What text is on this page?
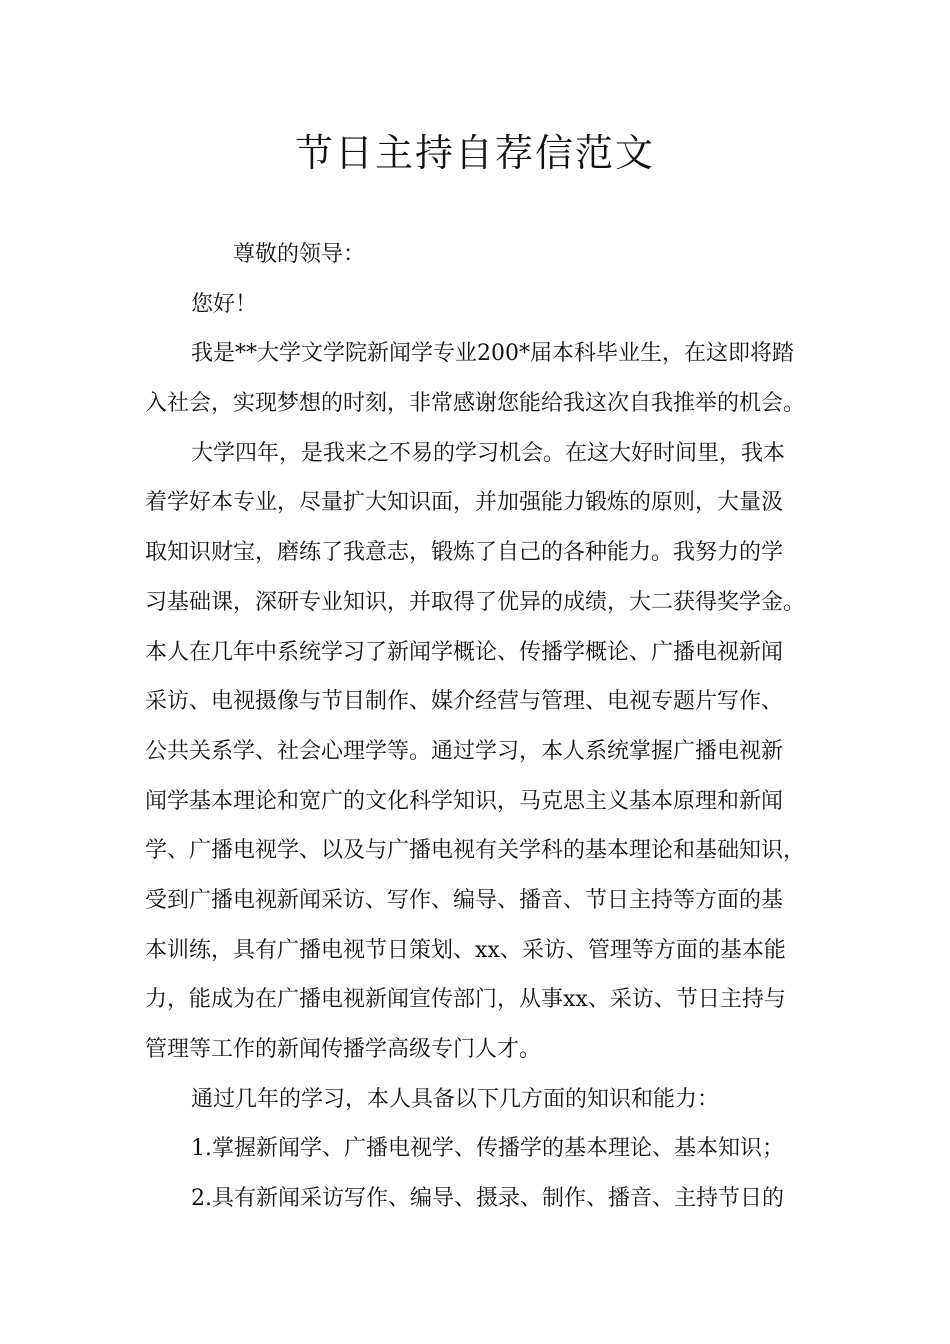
节日主持自荐信范文
尊敬的领导：
您好！
我是**大学文学院新闻学专业200*届本科毕业生，在这即将踏
入社会，实现梦想的时刻，非常感谢您能给我这次自我推举的机会。
大学四年，是我来之不易的学习机会。在这大好时间里，我本
着学好本专业，尽量扩大知识面，并加强能力锻炼的原则，大量汲
取知识财宝，磨练了我意志，锻炼了自己的各种能力。我努力的学
习基础课，深研专业知识，并取得了优异的成绩，大二获得奖学金。
本人在几年中系统学习了新闻学概论、传播学概论、广播电视新闻
采访、电视摄像与节目制作、媒介经营与管理、电视专题片写作、
公共关系学、社会心理学等。通过学习，本人系统掌握广播电视新
闻学基本理论和宽广的文化科学知识，马克思主义基本原理和新闻
学、广播电视学、以及与广播电视有关学科的基本理论和基础知识，
受到广播电视新闻采访、写作、编导、播音、节日主持等方面的基
本训练，具有广播电视节日策划、xx、采访、管理等方面的基本能
力，能成为在广播电视新闻宣传部门，从事xx、采访、节日主持与
管理等工作的新闻传播学高级专门人才。
通过几年的学习，本人具备以下几方面的知识和能力：
1.掌握新闻学、广播电视学、传播学的基本理论、基本知识；
2.具有新闻采访写作、编导、摄录、制作、播音、主持节日的
